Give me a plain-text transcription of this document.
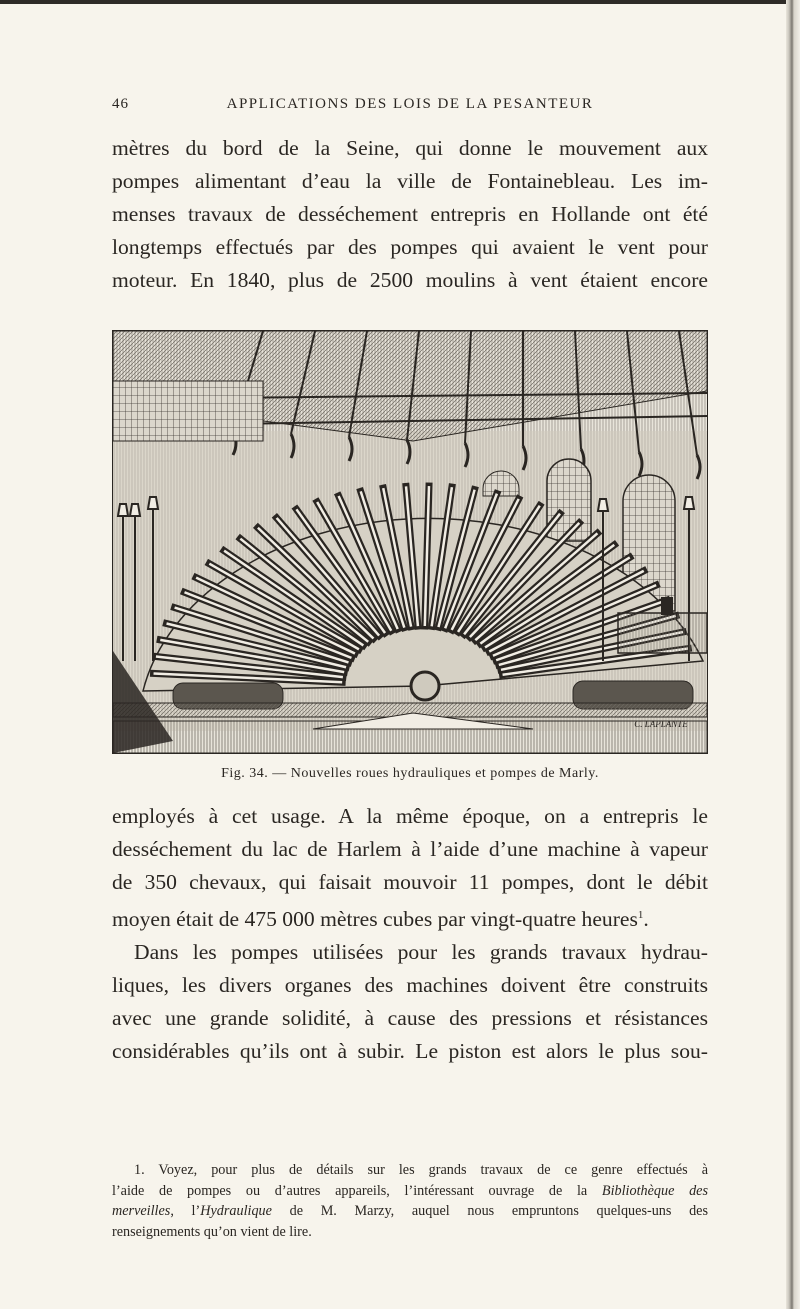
46	APPLICATIONS DES LOIS DE LA PESANTEUR

mètres du bord de la Seine, qui donne le mouvement aux
pompes alimentant d’eau la ville de Fontainebleau. Les im-
menses travaux de desséchement entrepris en Hollande ont été
longtemps effectués par des pompes qui avaient le vent pour
moteur. En 1840, plus de 2500 moulins à vent étaient encore

C. LAPLANTE
Fig. 34. — Nouvelles roues hydrauliques et pompes de Marly.

employés à cet usage. A la même époque, on a entrepris le
desséchement du lac de Harlem à l’aide d’une machine à vapeur
de 350 chevaux, qui faisait mouvoir 11 pompes, dont le débit
moyen était de 475 000 mètres cubes par vingt-quatre heures$^1$.
Dans les pompes utilisées pour les grands travaux hydrau-
liques, les divers organes des machines doivent être construits
avec une grande solidité, à cause des pressions et résistances
considérables qu’ils ont à subir. Le piston est alors le plus sou-

1. Voyez, pour plus de détails sur les grands travaux de ce genre effectués à
l’aide de pompes ou d’autres appareils, l’intéressant ouvrage de la Bibliothèque des
merveilles, l’Hydraulique de M. Marzy, auquel nous empruntons quelques-uns des
renseignements qu’on vient de lire.
